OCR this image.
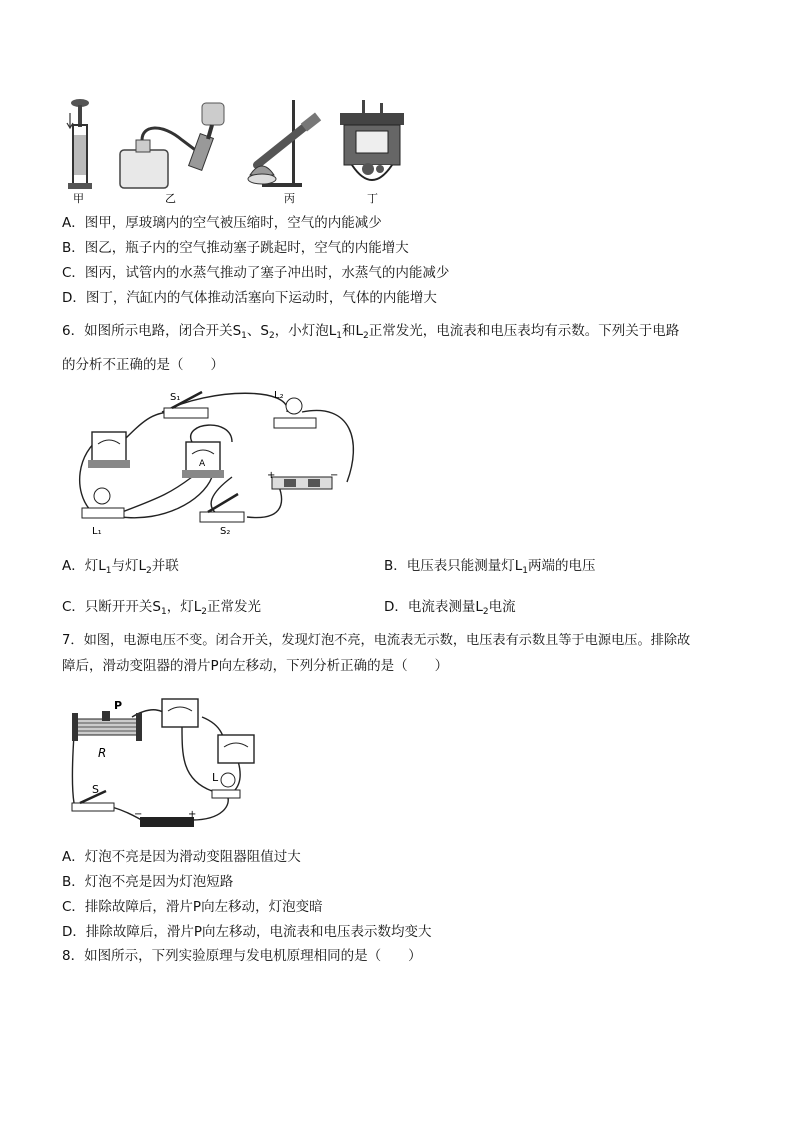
甲	乙	丙	丁
A．图甲，厚玻璃内的空气被压缩时，空气的内能减少
B．图乙，瓶子内的空气推动塞子跳起时，空气的内能增大
C．图丙，试管内的水蒸气推动了塞子冲出时，水蒸气的内能减少
D．图丁，汽缸内的气体推动活塞向下运动时，气体的内能增大
6．如图所示电路，闭合开关$S_1$、$S_2$，小灯泡$L_1$和$L_2$正常发光，电流表和电压表均有示数。下列关于电路
的分析不正确的是（　　）
S₁	L₂
A
+	−
L₁	S₂
A．灯$L_1$与灯$L_2$并联	B．电压表只能测量灯$L_1$两端的电压
C．只断开开关$S_1$，灯$L_2$正常发光	D．电流表测量$L_2$电流
7．如图，电源电压不变。闭合开关，发现灯泡不亮，电流表无示数，电压表有示数且等于电源电压。排除故
障后，滑动变阻器的滑片P向左移动，下列分析正确的是（　　）
P
R
L
S
−	+
A．灯泡不亮是因为滑动变阻器阻值过大
B．灯泡不亮是因为灯泡短路
C．排除故障后，滑片P向左移动，灯泡变暗
D．排除故障后，滑片P向左移动，电流表和电压表示数均变大
8．如图所示，下列实验原理与发电机原理相同的是（　　）
